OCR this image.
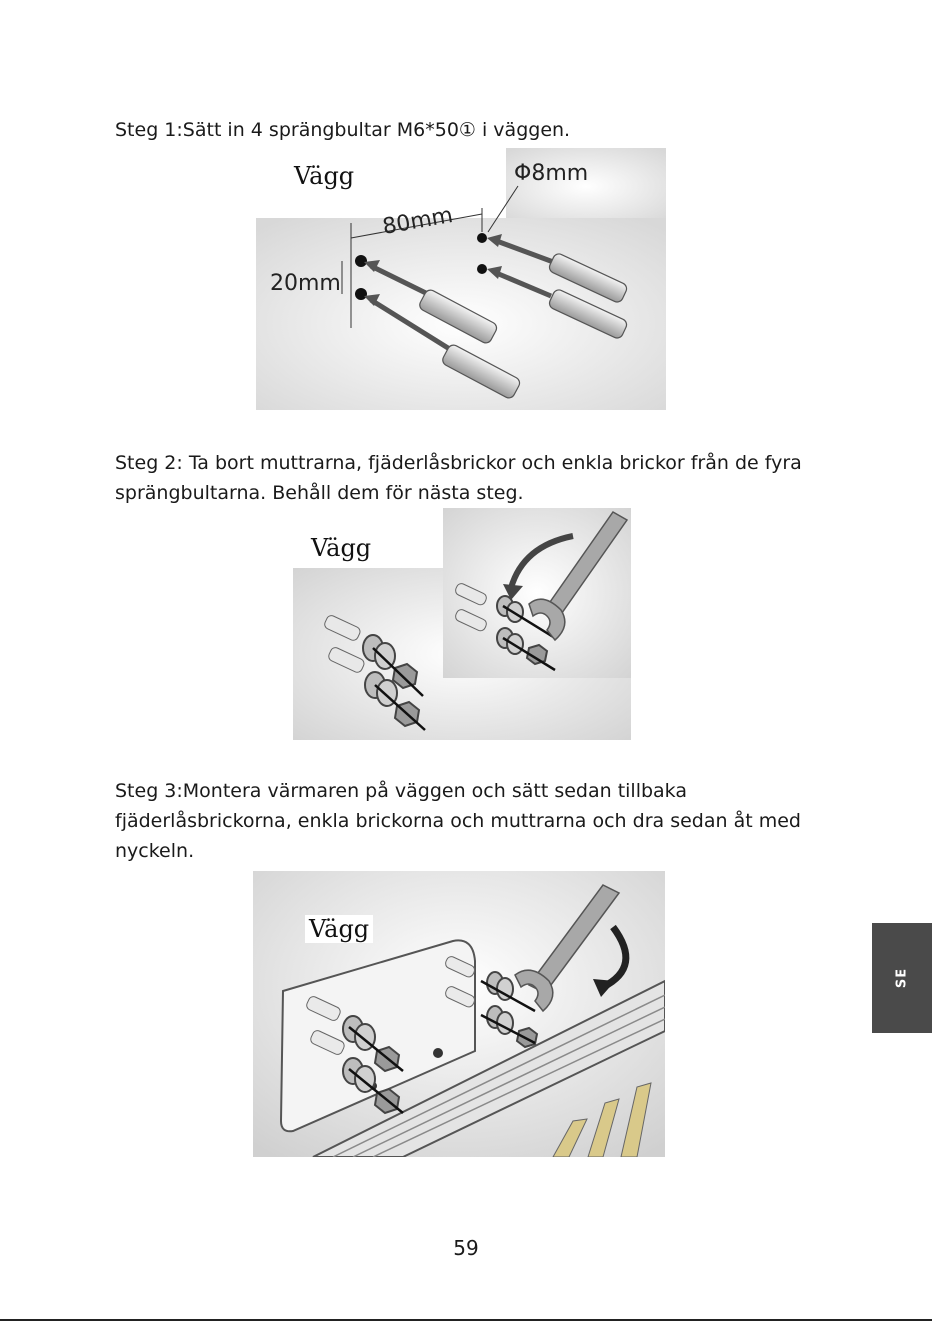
Steg 1:Sätt in 4 sprängbultar M6*50① i väggen.

80mm
20mm
Φ8mm
Vägg

Steg 2: Ta bort muttrarna, fjäderlåsbrickor och enkla brickor från de fyra sprängbultarna. Behåll dem för nästa steg.

Vägg

Steg 3:Montera värmaren på väggen och sätt sedan tillbaka fjäderlåsbrickorna, enkla brickorna och muttrarna och dra sedan åt med nyckeln.

Vägg
SE
59
